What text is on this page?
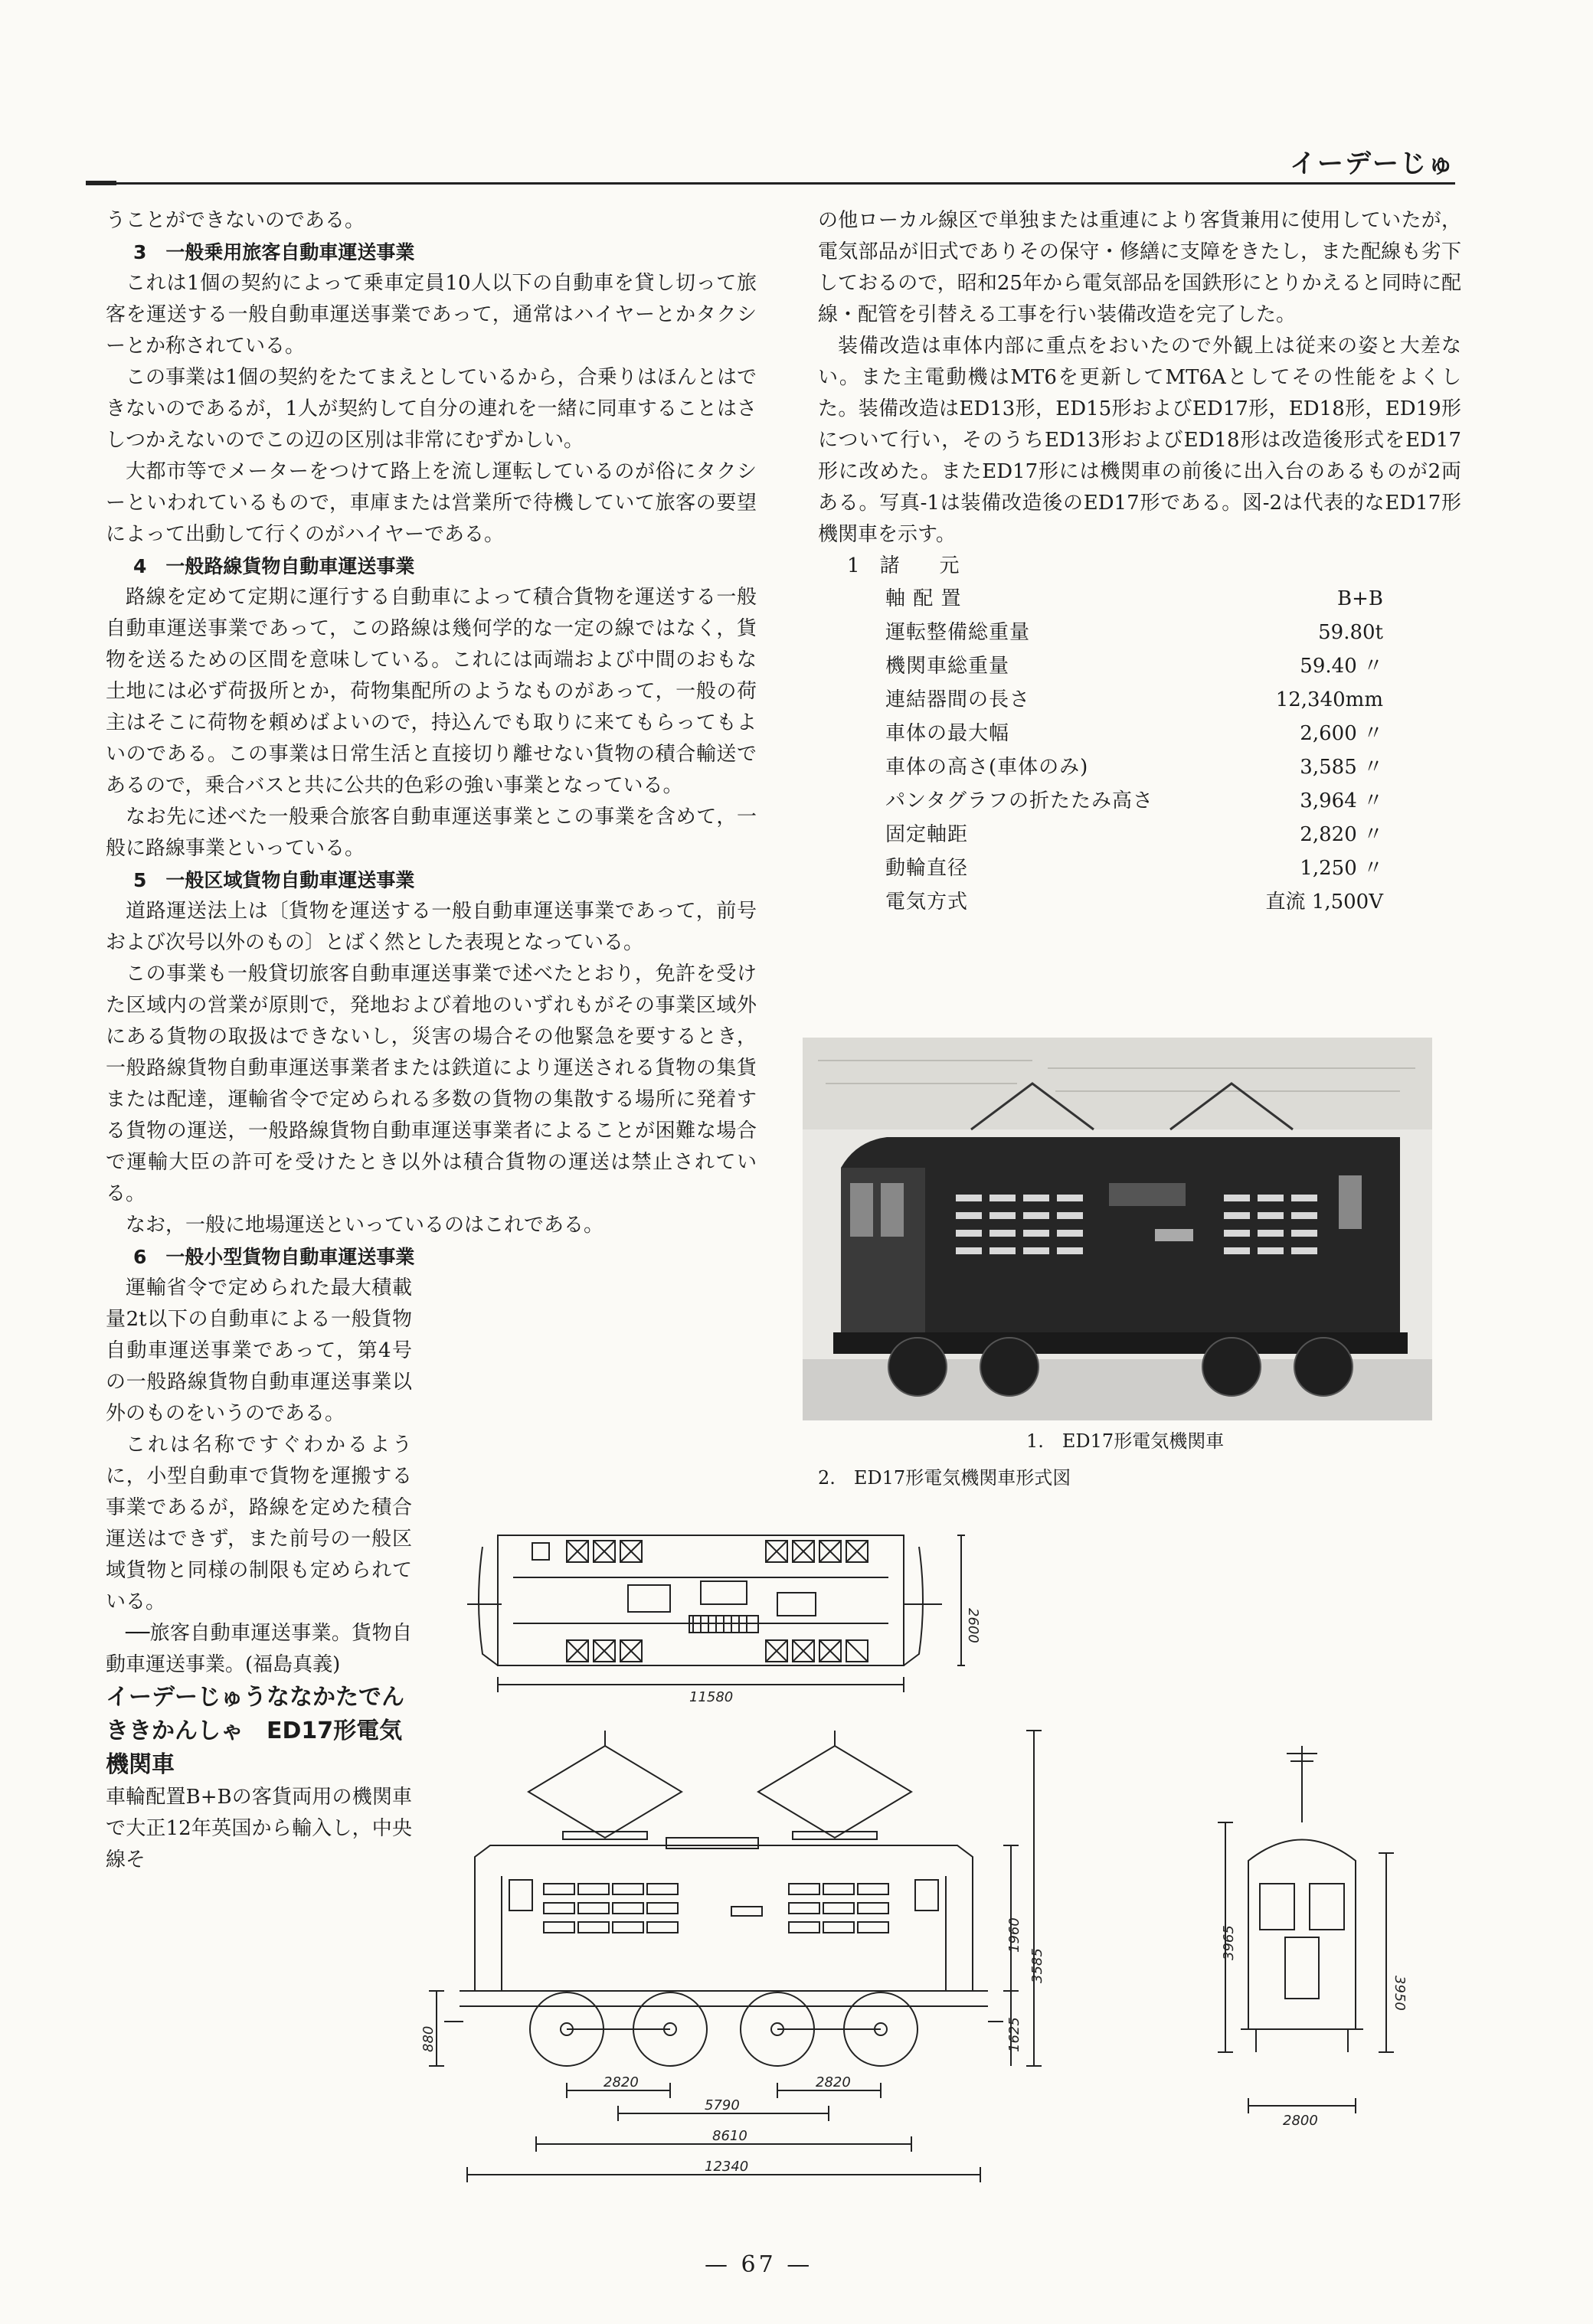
イーデーじゅ

うことができないのである。

3　一般乗用旅客自動車運送事業

これは1個の契約によって乗車定員10人以下の自動車を貸し切って旅客を運送する一般自動車運送事業であって，通常はハイヤーとかタクシーとか称されている。

この事業は1個の契約をたてまえとしているから，合乗りはほんとはできないのであるが，1人が契約して自分の連れを一緒に同車することはさしつかえないのでこの辺の区別は非常にむずかしい。

大都市等でメーターをつけて路上を流し運転しているのが俗にタクシーといわれているもので，車庫または営業所で待機していて旅客の要望によって出動して行くのがハイヤーである。

4　一般路線貨物自動車運送事業

路線を定めて定期に運行する自動車によって積合貨物を運送する一般自動車運送事業であって，この路線は幾何学的な一定の線ではなく，貨物を送るための区間を意味している。これには両端および中間のおもな土地には必ず荷扱所とか，荷物集配所のようなものがあって，一般の荷主はそこに荷物を頼めばよいので，持込んでも取りに来てもらってもよいのである。この事業は日常生活と直接切り離せない貨物の積合輸送であるので，乗合バスと共に公共的色彩の強い事業となっている。

なお先に述べた一般乗合旅客自動車運送事業とこの事業を含めて，一般に路線事業といっている。

5　一般区域貨物自動車運送事業

道路運送法上は〔貨物を運送する一般自動車運送事業であって，前号および次号以外のもの〕とばく然とした表現となっている。

この事業も一般貸切旅客自動車運送事業で述べたとおり，免許を受けた区域内の営業が原則で，発地および着地のいずれもがその事業区域外にある貨物の取扱はできないし，災害の場合その他緊急を要するとき，一般路線貨物自動車運送事業者または鉄道により運送される貨物の集貨または配達，運輸省令で定められる多数の貨物の集散する場所に発着する貨物の運送，一般路線貨物自動車運送事業者によることが困難な場合で運輸大臣の許可を受けたとき以外は積合貨物の運送は禁止されている。

なお，一般に地場運送といっているのはこれである。

6　一般小型貨物自動車運送事業

運輸省令で定められた最大積載量2t以下の自動車による一般貨物自動車運送事業であって，第4号の一般路線貨物自動車運送事業以外のものをいうのである。

これは名称ですぐわかるように，小型自動車で貨物を運搬する事業であるが，路線を定めた積合運送はできず，また前号の一般区域貨物と同様の制限も定められている。

──旅客自動車運送事業。貨物自動車運送事業。(福島真義)

イーデーじゅうななかたでんききかんしゃ　ED17形電気機関車

車輪配置B+Bの客貨両用の機関車で大正12年英国から輸入し，中央線そ

の他ローカル線区で単独または重連により客貨兼用に使用していたが，電気部品が旧式でありその保守・修繕に支障をきたし，また配線も劣下しておるので，昭和25年から電気部品を国鉄形にとりかえると同時に配線・配管を引替える工事を行い装備改造を完了した。

装備改造は車体内部に重点をおいたので外観上は従来の姿と大差ない。また主電動機はMT6を更新してMT6Aとしてその性能をよくした。装備改造はED13形，ED15形およびED17形，ED18形，ED19形について行い，そのうちED13形およびED18形は改造後形式をED17形に改めた。またED17形には機関車の前後に出入台のあるものが2両ある。写真-1は装備改造後のED17形である。図-2は代表的なED17形機関車を示す。

1　諸　　元
軸 配 置	B+B
運転整備総重量	59.80t
機関車総重量	59.40 〃
連結器間の長さ	12,340mm
車体の最大幅	2,600 〃
車体の高さ(車体のみ)	3,585 〃
パンタグラフの折たたみ高さ	3,964 〃
固定軸距	2,820 〃
動輪直径	1,250 〃
電気方式	直流 1,500V
1.　ED17形電気機関車
2.　ED17形電気機関車形式図
11580
2600
2820
5790
2820
8610
12340
1960
3585
1625
880
3965
3950
2800
— 67 —
